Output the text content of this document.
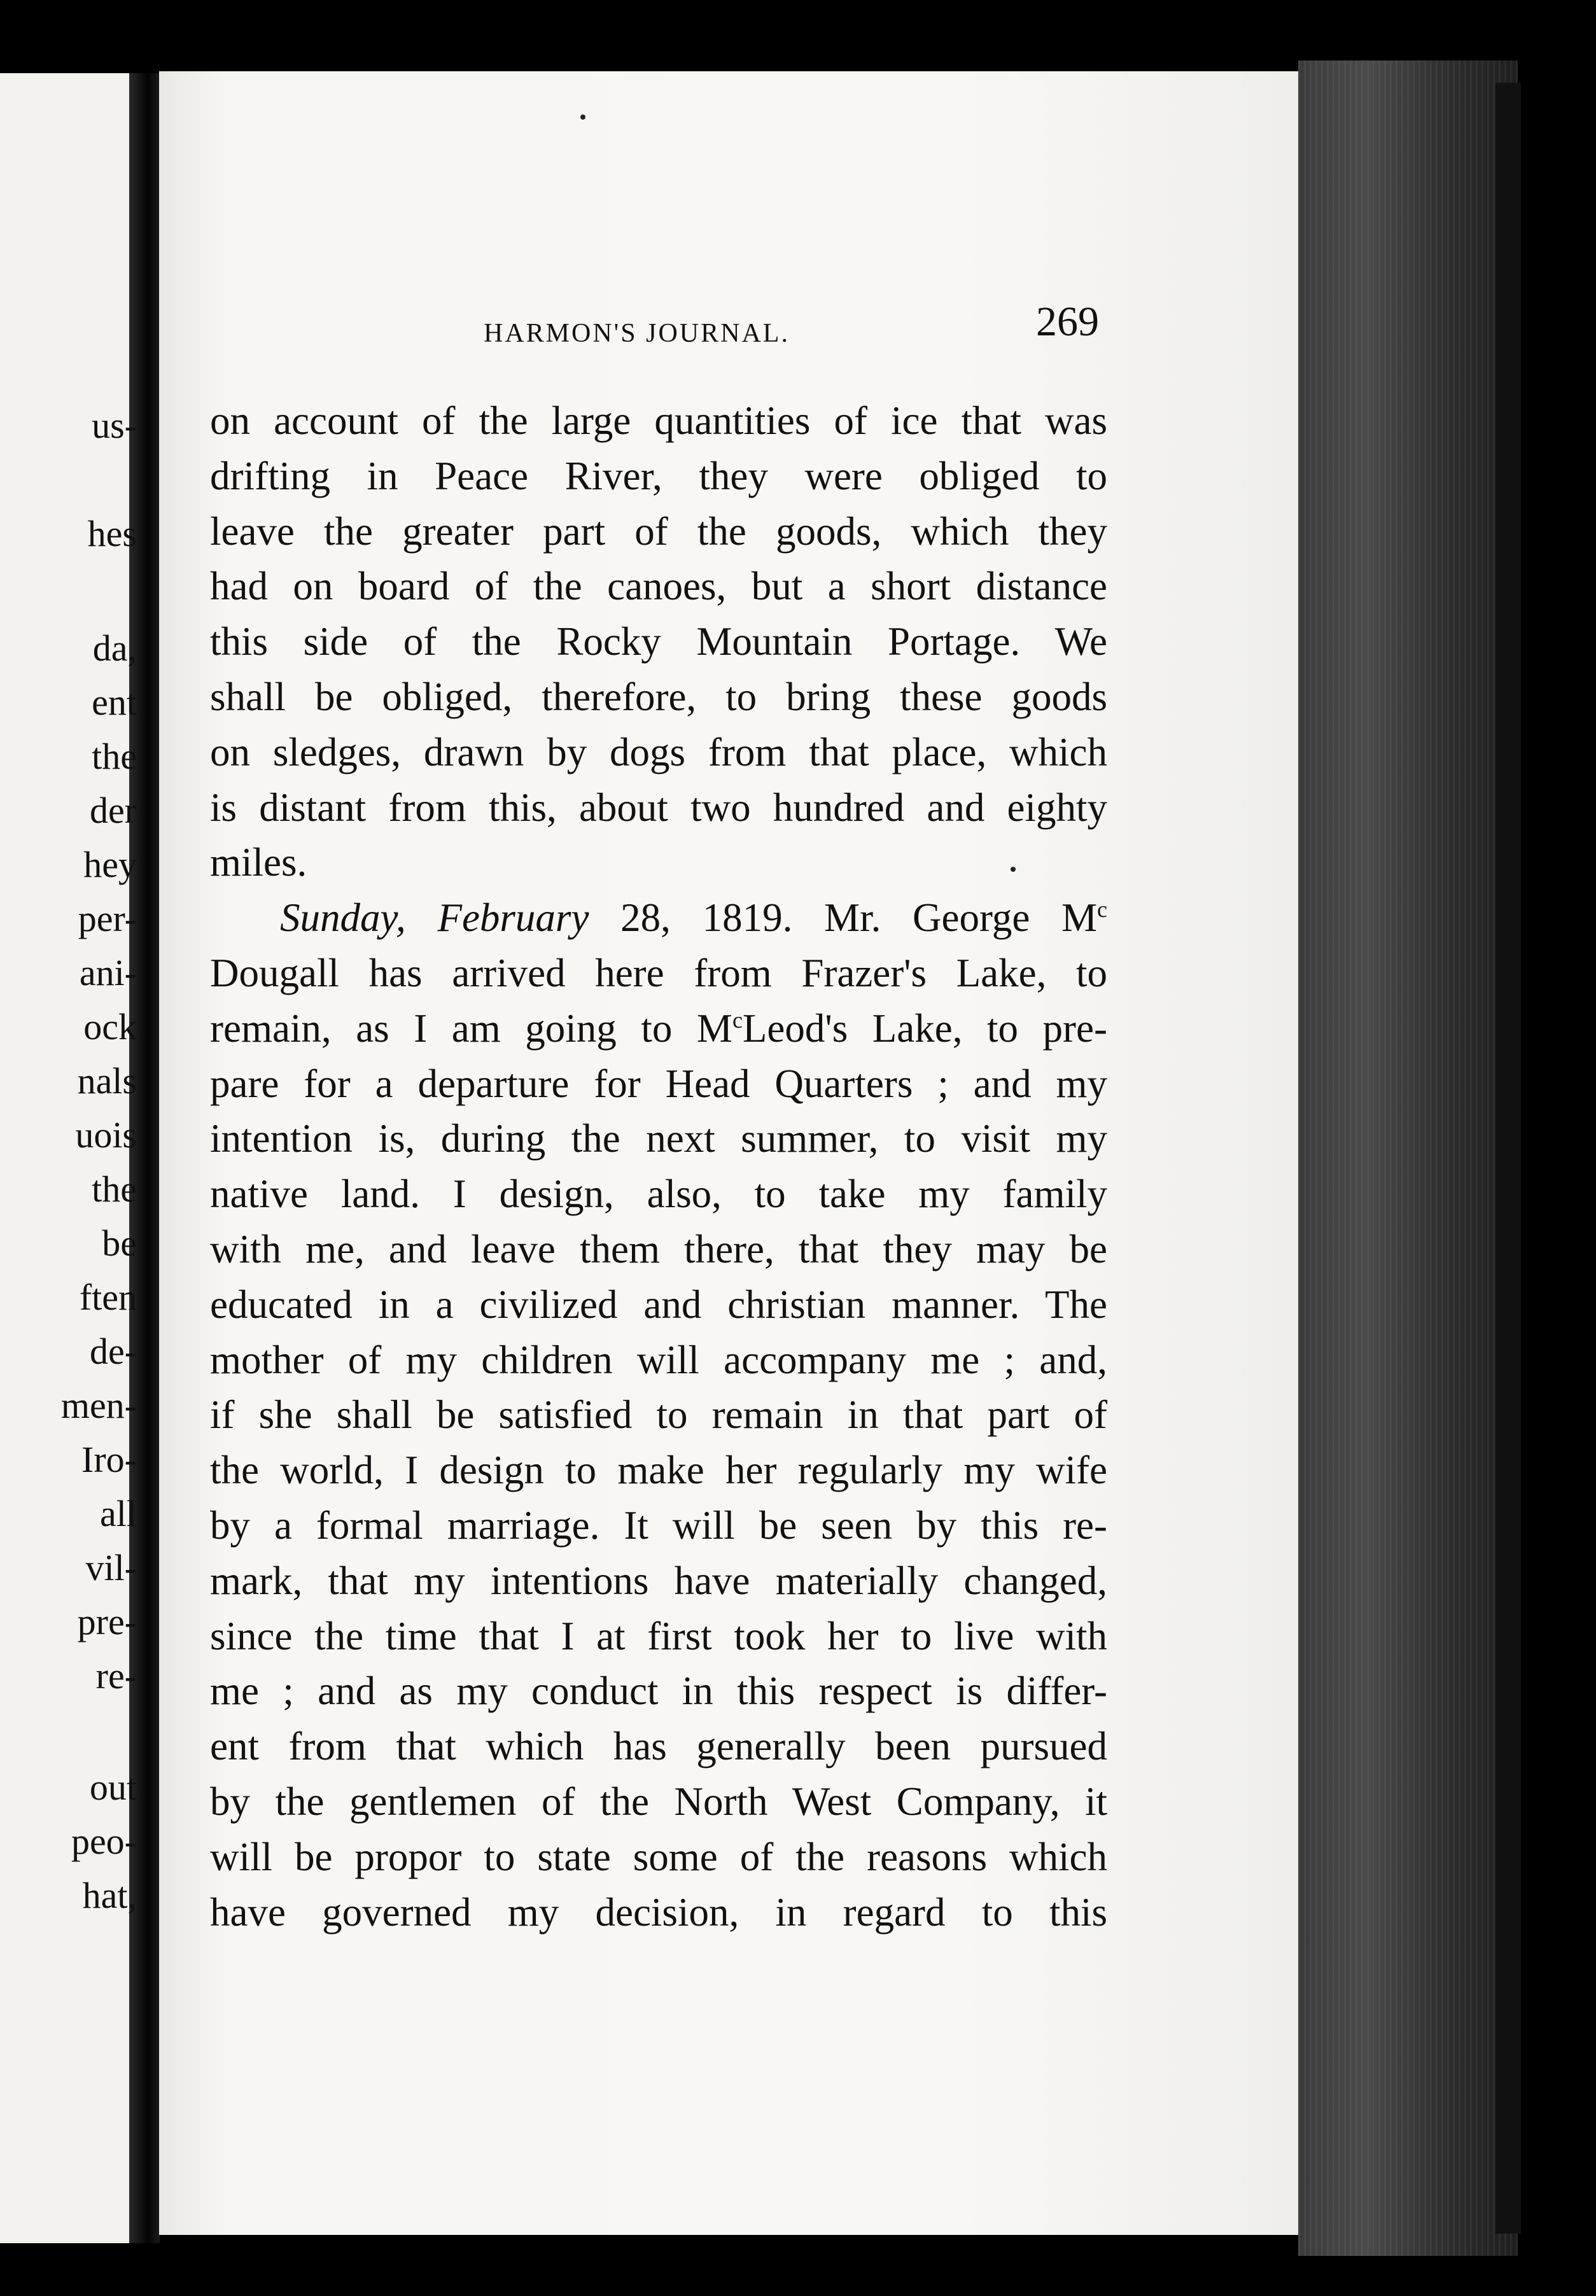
us-
hes
da,
ent
the
der
hey
per-
ani-
ock
nals
uois
the
be
ften
de-
men-
Iro-
all
vil-
pre-
re-
out
peo-
hat,
HARMON'S JOURNAL.	269
on account of the large quantities of ice that was
drifting in Peace River, they were obliged to
leave the greater part of the goods, which they
had on board of the canoes, but a short distance
this side of the Rocky Mountain Portage. We
shall be obliged, therefore, to bring these goods
on sledges, drawn by dogs from that place, which
is distant from this, about two hundred and eighty
miles.
Sunday, February 28, 1819. Mr. George $M^c$
Dougall has arrived here from Frazer's Lake, to
remain, as I am going to $M^cLeod's$ Lake, to pre-
pare for a departure for Head Quarters ; and my
intention is, during the next summer, to visit my
native land. I design, also, to take my family
with me, and leave them there, that they may be
educated in a civilized and christian manner. The
mother of my children will accompany me ; and,
if she shall be satisfied to remain in that part of
the world, I design to make her regularly my wife
by a formal marriage. It will be seen by this re-
mark, that my intentions have materially changed,
since the time that I at first took her to live with
me ; and as my conduct in this respect is differ-
ent from that which has generally been pursued
by the gentlemen of the North West Company, it
will be propor to state some of the reasons which
have governed my decision, in regard to this
